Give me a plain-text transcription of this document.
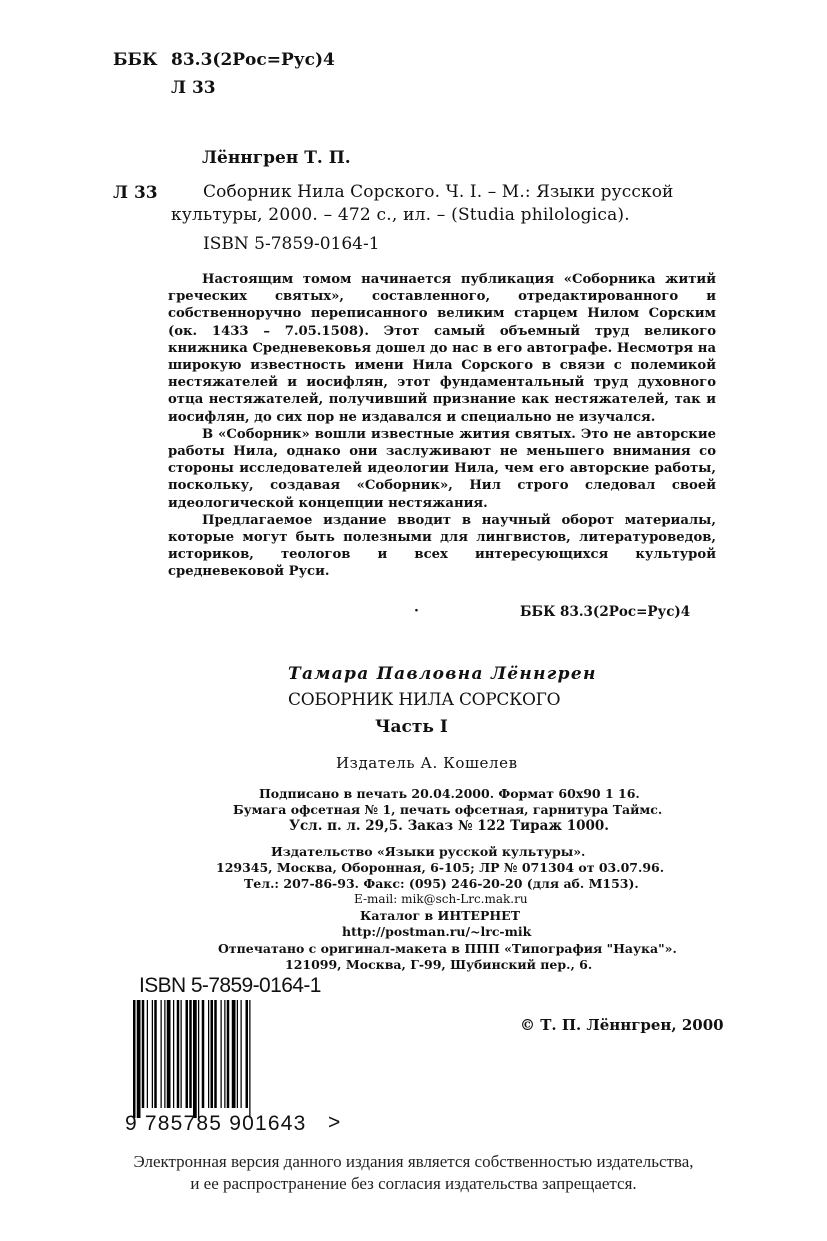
ББК 83.3(2Рос=Рус)4
Л 33
Лённгрен Т. П.
Л 33	Соборник Нила Сорского. Ч. I. – М.: Языки русской
культуры, 2000. – 472 с., ил. – (Studia philologica).
ISBN 5-7859-0164-1

Настоящим томом начинается публикация «Соборника житий греческих святых», составленного, отредактированного и собственноручно переписанного великим старцем Нилом Сорским (ок. 1433 – 7.05.1508). Этот самый объемный труд великого книжника Средневековья дошел до нас в его автографе. Несмотря на широкую известность имени Нила Сорского в связи с полемикой нестяжателей и иосифлян, этот фундаментальный труд духовного отца нестяжателей, получивший признание как нестяжателей, так и иосифлян, до сих пор не издавался и специально не изучался.

В «Соборник» вошли известные жития святых. Это не авторские работы Нила, однако они заслуживают не меньшего внимания со стороны исследователей идеологии Нила, чем его авторские работы, поскольку, создавая «Соборник», Нил строго следовал своей идеологической концепции нестяжания.

Предлагаемое издание вводит в научный оборот материалы, которые могут быть полезными для лингвистов, литературоведов, историков, теологов и всех интересующихся культурой средневековой Руси.

·	ББК 83.3(2Рос=Рус)4
Тамара Павловна Лённгрен
СОБОРНИК НИЛА СОРСКОГО
Часть I
Издатель А. Кошелев
Подписано в печать 20.04.2000. Формат 60х90 1 16.
Бумага офсетная № 1, печать офсетная, гарнитура Таймс.
Усл. п. л. 29,5. Заказ № 122 Тираж 1000.
Издательство «Языки русской культуры».
129345, Москва, Оборонная, 6-105; ЛР № 071304 от 03.07.96.
Тел.: 207-86-93. Факс: (095) 246-20-20 (для аб. М153).
E-mail: mik@sch-Lrc.mak.ru
Каталог в ИНТЕРНЕТ
http://postman.ru/~lrc-mik
Отпечатано с оригинал-макета в ППП «Типография "Наука"».
121099, Москва, Г-99, Шубинский пер., 6.
ISBN 5-7859-0164-1
9 785785 901643 >
© Т. П. Лённгрен, 2000
Электронная версия данного издания является собственностью издательства,
и ее распространение без согласия издательства запрещается.
